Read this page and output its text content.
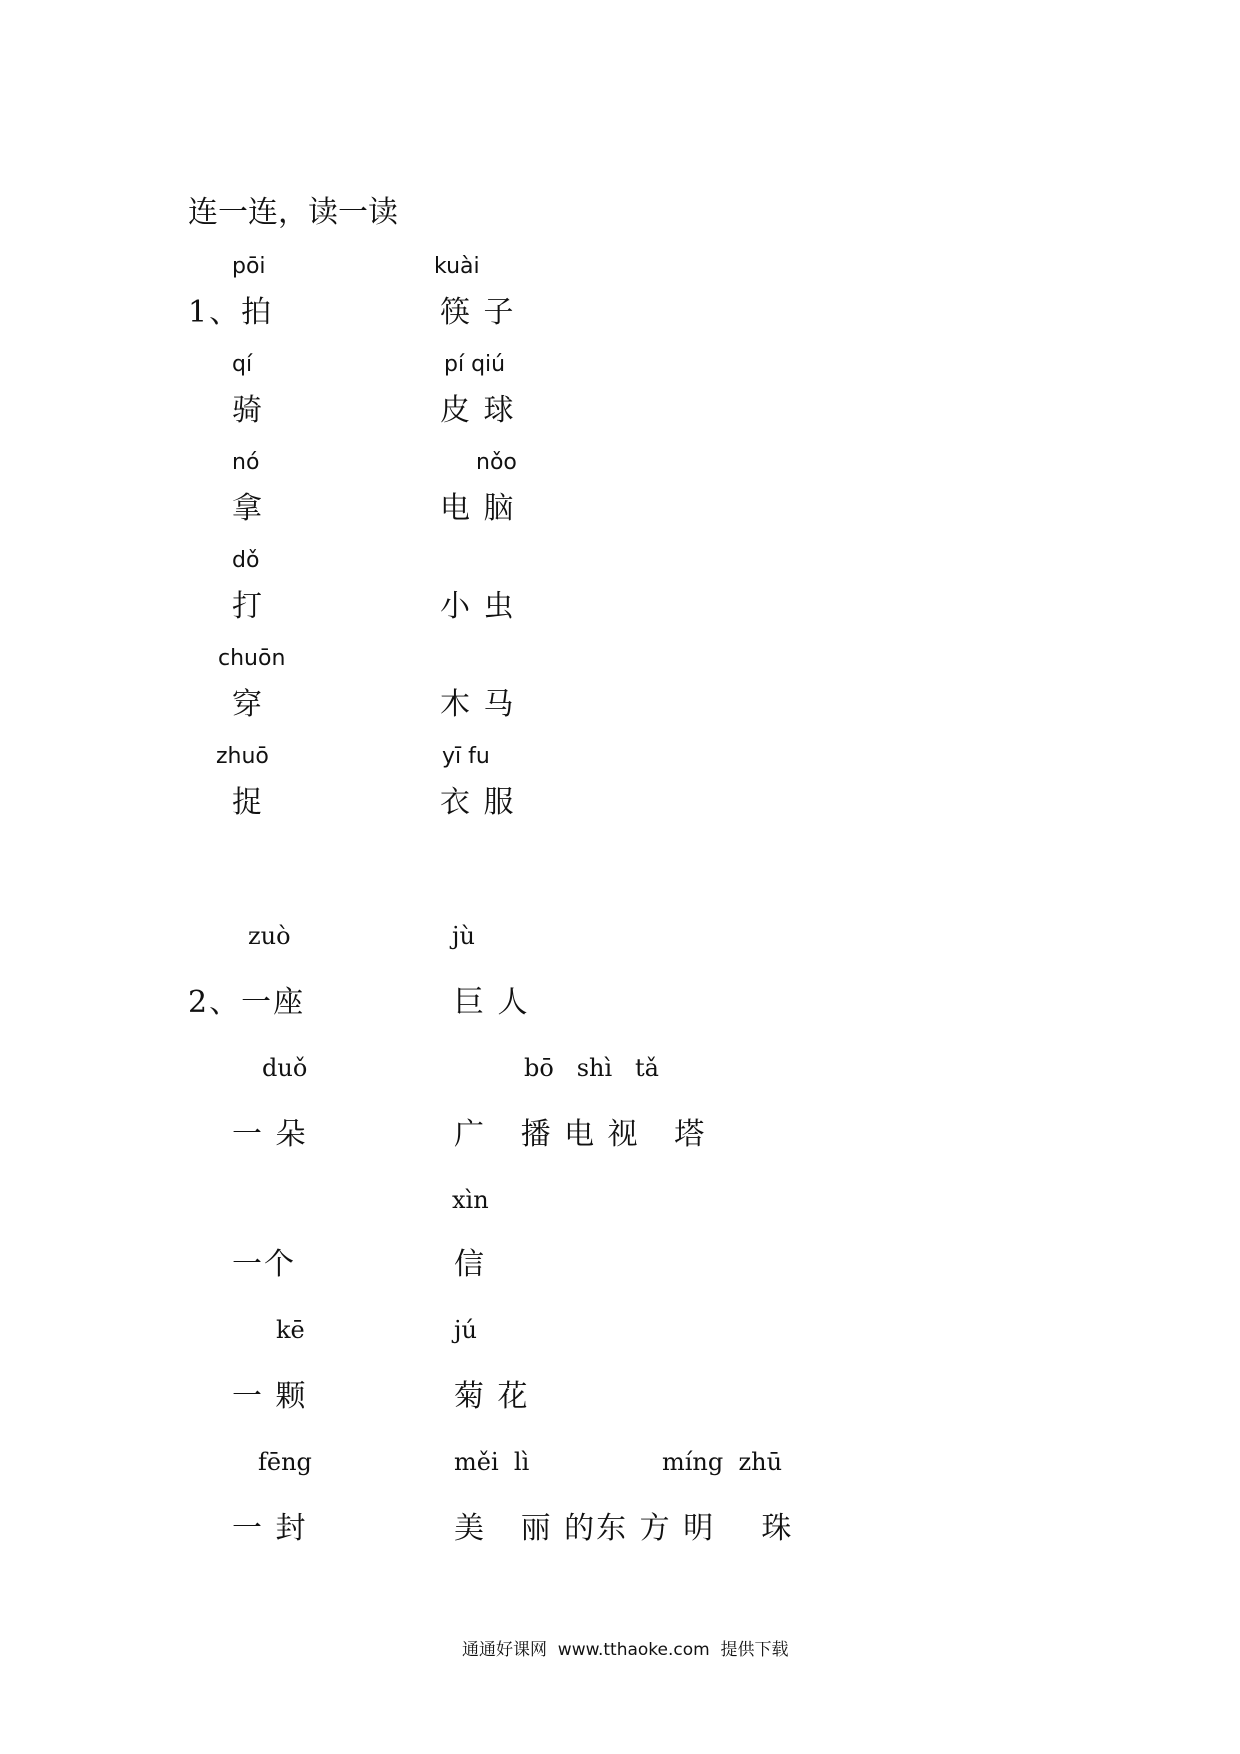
连一连，读一读
pōi	kuài
1、拍	筷 子
qí	pí qiú
骑	皮 球
nó	nǒo
拿	电 脑
dǒ
打	小 虫
chuōn
穿	木 马
zhuō	yī fu
捉	衣 服
zuò	jù
2、一座	巨 人
duǒ	bō   shì   tǎ
一 朵	广   播 电 视   塔
xìn
一个	信
kē	jú
一 颗	菊 花
fēng	měi  lì	míng  zhū
一 封	美   丽 的东 方 明    珠
通通好课网  www.tthaoke.com  提供下载
